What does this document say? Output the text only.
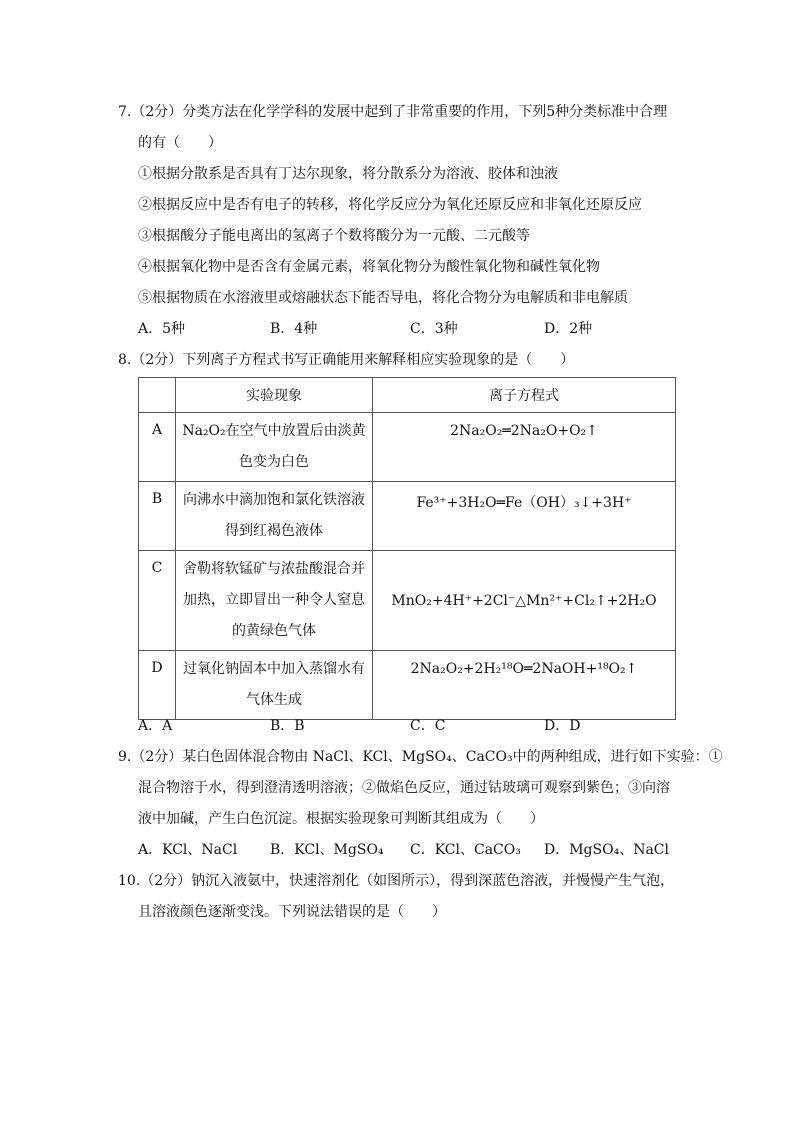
7.（2分）分类方法在化学学科的发展中起到了非常重要的作用，下列5种分类标准中合理
的有（　　）
①根据分散系是否具有丁达尔现象，将分散系分为溶液、胶体和浊液
②根据反应中是否有电子的转移，将化学反应分为氧化还原反应和非氧化还原反应
③根据酸分子能电离出的氢离子个数将酸分为一元酸、二元酸等
④根据氧化物中是否含有金属元素，将氧化物分为酸性氧化物和碱性氧化物
⑤根据物质在水溶液里或熔融状态下能否导电，将化合物分为电解质和非电解质
A．5种	B．4种	C．3种	D．2种
8.（2分）下列离子方程式书写正确能用来解释相应实验现象的是（　　）
	实验现象	离子方程式
A	Na₂O₂在空气中放置后由淡黄色变为白色	2Na₂O₂═2Na₂O+O₂↑
B	向沸水中滴加饱和氯化铁溶液得到红褐色液体	Fe³⁺+3H₂O═Fe（OH）₃↓+3H⁺
C	舍勒将软锰矿与浓盐酸混合并加热，立即冒出一种令人窒息的黄绿色气体	MnO₂+4H⁺+2Cl⁻△Mn²⁺+Cl₂↑+2H₂O
D	过氧化钠固本中加入蒸馏水有气体生成	2Na₂O₂+2H₂¹⁸O═2NaOH+¹⁸O₂↑
A．A	B．B	C．C	D．D
9.（2分）某白色固体混合物由 NaCl、KCl、MgSO₄、CaCO₃中的两种组成，进行如下实验：①
混合物溶于水，得到澄清透明溶液；②做焰色反应，通过钴玻璃可观察到紫色；③向溶
液中加碱，产生白色沉淀。根据实验现象可判断其组成为（　　）
A．KCl、NaCl	B．KCl、MgSO₄	C．KCl、CaCO₃	D．MgSO₄、NaCl
10.（2分）钠沉入液氨中，快速溶剂化（如图所示），得到深蓝色溶液，并慢慢产生气泡，
且溶液颜色逐渐变浅。下列说法错误的是（　　）
